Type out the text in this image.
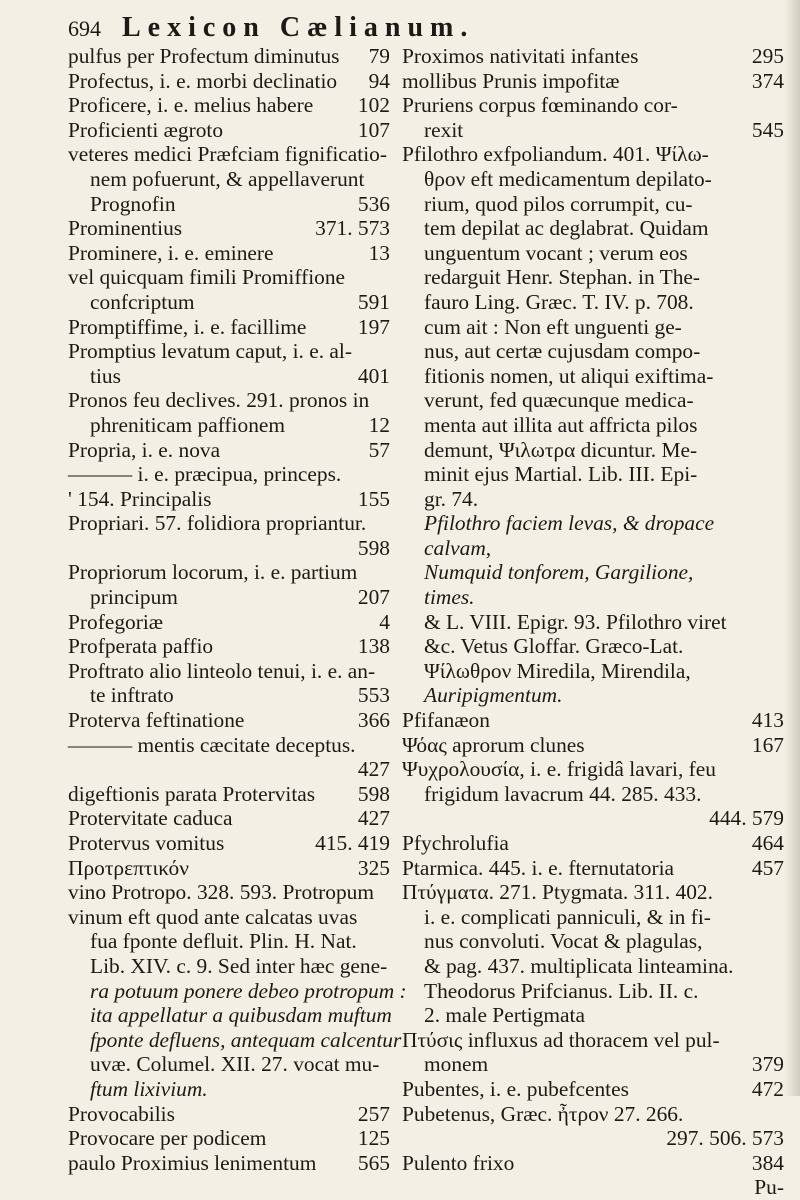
694 Lexicon Cælianum.
pulfus per Profectum diminutus	79
Profectus, i. e. morbi declinatio	94
Proficere, i. e. melius habere	102
Proficienti ægroto	107
veteres medici Præfciam fignificatio-
nem pofuerunt, & appellaverunt
Prognofin	536
Prominentius	371. 573
Prominere, i. e. eminere	13
vel quicquam fimili Promiffione
confcriptum	591
Promptiffime, i. e. facillime	197
Promptius levatum caput, i. e. al-
tius	401
Pronos feu declives. 291. pronos in
phreniticam paffionem	12
Propria, i. e. nova	57
——— i. e. præcipua, princeps.
' 154. Principalis	155
Propriari. 57. folidiora propriantur.
598
Propriorum locorum, i. e. partium
principum	207
Profegoriæ	4
Profperata paffio	138
Proftrato alio linteolo tenui, i. e. an-
te inftrato	553
Proterva feftinatione	366
——— mentis cæcitate deceptus.
427
digeftionis parata Protervitas	598
Protervitate caduca	427
Protervus vomitus	415. 419
Προτρεπτικόν	325
vino Protropo. 328. 593. Protropum
vinum eft quod ante calcatas uvas
fua fponte defluit. Plin. H. Nat.
Lib. XIV. c. 9. Sed inter hæc gene-
ra potuum ponere debeo protropum :
ita appellatur a quibusdam muftum
fponte defluens, antequam calcentur
uvæ. Columel. XII. 27. vocat mu-
ftum lixivium.
Provocabilis	257
Provocare per podicem	125
paulo Proximius lenimentum	565
Proximos nativitati infantes	295
mollibus Prunis impofitæ	374
Pruriens corpus fœminando cor-
rexit	545
Pfilothro exfpoliandum. 401. Ψίλω-
θρον eft medicamentum depilato-
rium, quod pilos corrumpit, cu-
tem depilat ac deglabrat. Quidam
unguentum vocant ; verum eos
redarguit Henr. Stephan. in The-
fauro Ling. Græc. T. IV. p. 708.
cum ait : Non eft unguenti ge-
nus, aut certæ cujusdam compo-
fitionis nomen, ut aliqui exiftima-
verunt, fed quæcunque medica-
menta aut illita aut affricta pilos
demunt, Ψιλωτρα dicuntur. Me-
minit ejus Martial. Lib. III. Epi-
gr. 74.
Pfilothro faciem levas, & dropace
calvam,
Numquid tonforem, Gargilione,
times.
& L. VIII. Epigr. 93. Pfilothro viret
&c. Vetus Gloffar. Græco-Lat.
Ψίλωθρον Miredila, Mirendila,
Auripigmentum.
Pfifanæon	413
Ψόας aprorum clunes	167
Ψυχρολουσία, i. e. frigidâ lavari, feu
frigidum lavacrum 44. 285. 433.
444. 579
Pfychrolufia	464
Ptarmica. 445. i. e. fternutatoria	457
Πτύγματα. 271. Ptygmata. 311. 402.
i. e. complicati panniculi, & in fi-
nus convoluti. Vocat & plagulas,
& pag. 437. multiplicata linteamina.
Theodorus Prifcianus. Lib. II. c.
2. male Pertigmata
Πτύσις influxus ad thoracem vel pul-
monem	379
Pubentes, i. e. pubefcentes	472
Pubetenus, Græc. ἦτρον 27. 266.
297. 506. 573
Pulento frixo	384
Pu-
